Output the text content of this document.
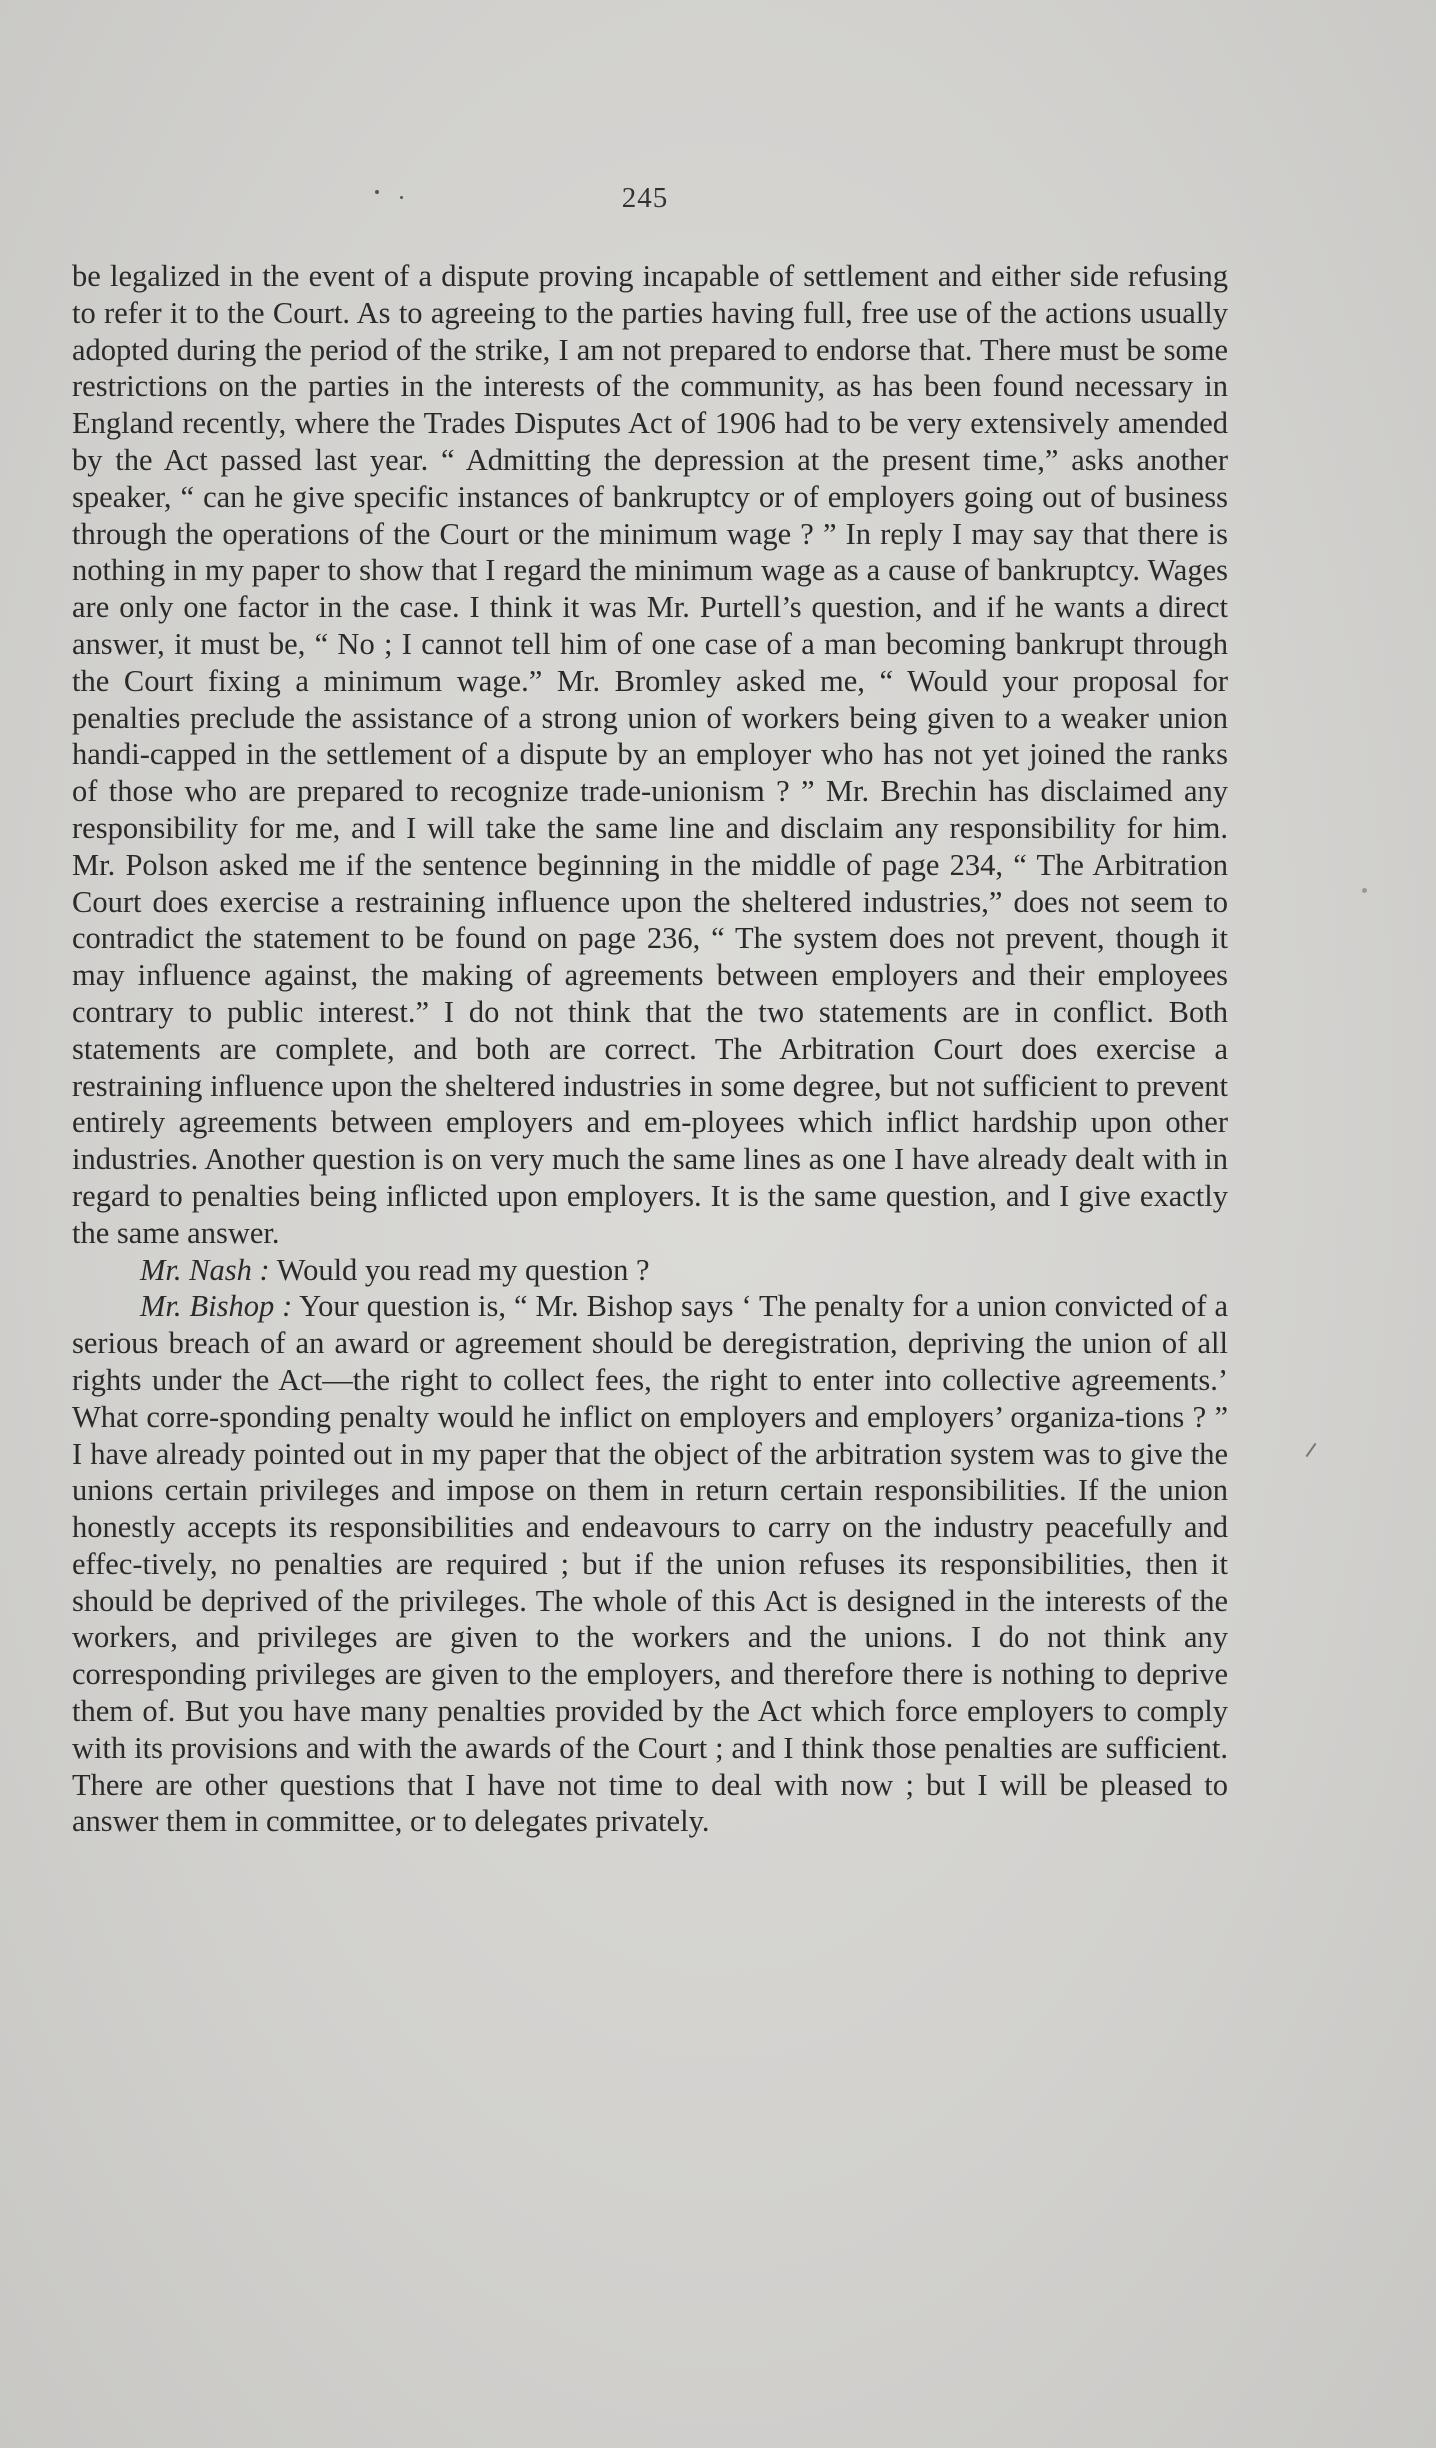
245

be legalized in the event of a dispute proving incapable of settlement and either side refusing to refer it to the Court. As to agreeing to the parties having full, free use of the actions usually adopted during the period of the strike, I am not prepared to endorse that. There must be some restrictions on the parties in the interests of the community, as has been found necessary in England recently, where the Trades Disputes Act of 1906 had to be very extensively amended by the Act passed last year. “ Admitting the depression at the present time,” asks another speaker, “ can he give specific instances of bankruptcy or of employers going out of business through the operations of the Court or the minimum wage ? ” In reply I may say that there is nothing in my paper to show that I regard the minimum wage as a cause of bankruptcy. Wages are only one factor in the case. I think it was Mr. Purtell’s question, and if he wants a direct answer, it must be, “ No ; I cannot tell him of one case of a man becoming bankrupt through the Court fixing a minimum wage.” Mr. Bromley asked me, “ Would your proposal for penalties preclude the assistance of a strong union of workers being given to a weaker union handi-capped in the settlement of a dispute by an employer who has not yet joined the ranks of those who are prepared to recognize trade-unionism ? ” Mr. Brechin has disclaimed any responsibility for me, and I will take the same line and disclaim any responsibility for him. Mr. Polson asked me if the sentence beginning in the middle of page 234, “ The Arbitration Court does exercise a restraining influence upon the sheltered industries,” does not seem to contradict the statement to be found on page 236, “ The system does not prevent, though it may influence against, the making of agreements between employers and their employees contrary to public interest.” I do not think that the two statements are in conflict. Both statements are complete, and both are correct. The Arbitration Court does exercise a restraining influence upon the sheltered industries in some degree, but not sufficient to prevent entirely agreements between employers and em-ployees which inflict hardship upon other industries. Another question is on very much the same lines as one I have already dealt with in regard to penalties being inflicted upon employers. It is the same question, and I give exactly the same answer.

Mr. Nash : Would you read my question ?

Mr. Bishop : Your question is, “ Mr. Bishop says ‘ The penalty for a union convicted of a serious breach of an award or agreement should be deregistration, depriving the union of all rights under the Act—the right to collect fees, the right to enter into collective agreements.’ What corre-sponding penalty would he inflict on employers and employers’ organiza-tions ? ” I have already pointed out in my paper that the object of the arbitration system was to give the unions certain privileges and impose on them in return certain responsibilities. If the union honestly accepts its responsibilities and endeavours to carry on the industry peacefully and effec-tively, no penalties are required ; but if the union refuses its responsibilities, then it should be deprived of the privileges. The whole of this Act is designed in the interests of the workers, and privileges are given to the workers and the unions. I do not think any corresponding privileges are given to the employers, and therefore there is nothing to deprive them of. But you have many penalties provided by the Act which force employers to comply with its provisions and with the awards of the Court ; and I think those penalties are sufficient. There are other questions that I have not time to deal with now ; but I will be pleased to answer them in committee, or to delegates privately.
